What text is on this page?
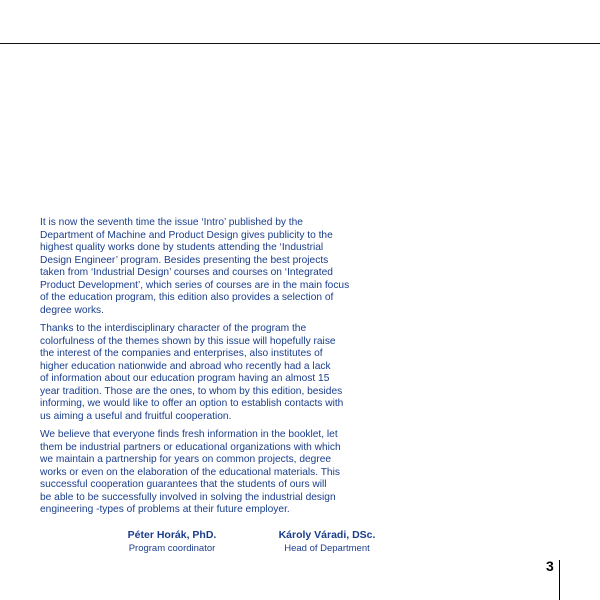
It is now the seventh time the issue ‘Intro’ published by the
Department of Machine and Product Design gives publicity to the
highest quality works done by students attending the ‘Industrial
Design Engineer’ program. Besides presenting the best projects
taken from ‘Industrial Design’ courses and courses on ‘Integrated
Product Development’, which series of courses are in the main focus
of the education program, this edition also provides a selection of
degree works.

Thanks to the interdisciplinary character of the program the
colorfulness of the themes shown by this issue will hopefully raise
the interest of the companies and enterprises, also institutes of
higher education nationwide and abroad who recently had a lack
of information about our education program having an almost 15
year tradition. Those are the ones, to whom by this edition, besides
informing, we would like to offer an option to establish contacts with
us aiming a useful and fruitful cooperation.

We believe that everyone finds fresh information in the booklet, let
them be industrial partners or educational organizations with which
we maintain a partnership for years on common projects, degree
works or even on the elaboration of the educational materials. This
successful cooperation guarantees that the students of ours will
be able to be successfully involved in solving the industrial design
engineering -types of problems at their future employer.

Péter Horák, PhD.
Program coordinator
Károly Váradi, DSc.
Head of Department
3
